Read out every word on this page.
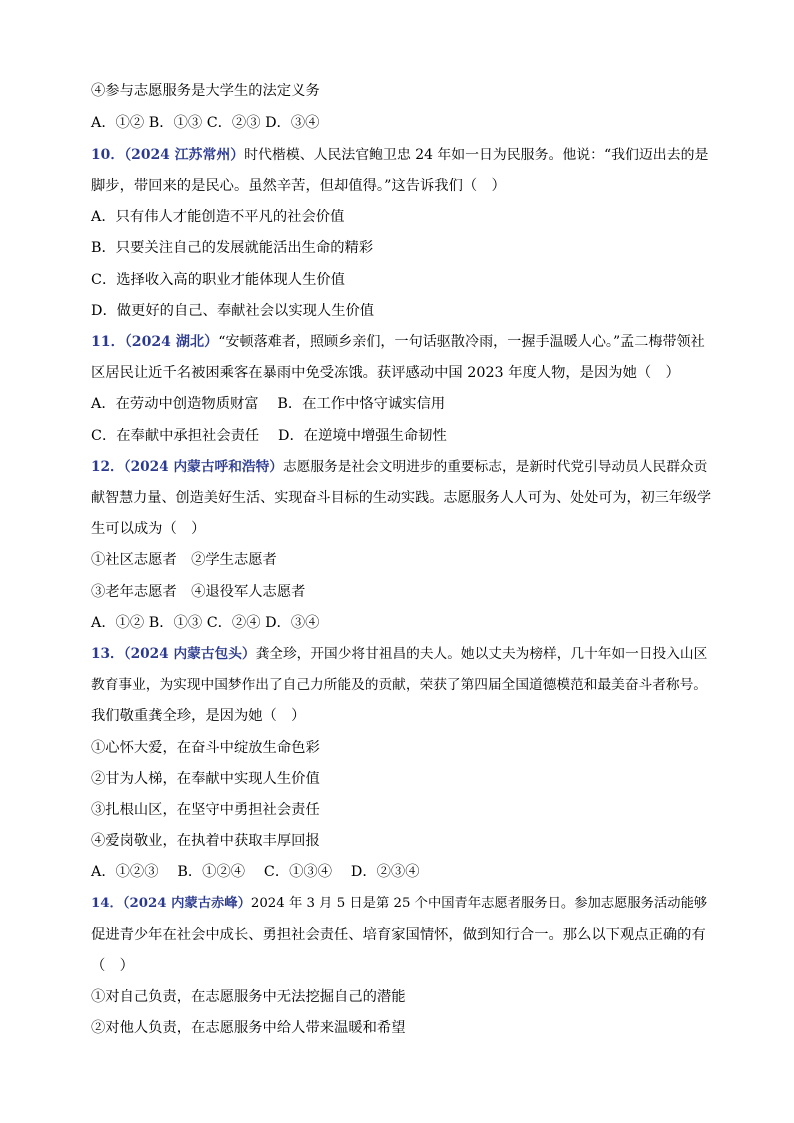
④参与志愿服务是大学生的法定义务
A．①② B．①③ C．②③ D．③④
10．（2024 江苏常州）时代楷模、人民法官鲍卫忠 24 年如一日为民服务。他说：“我们迈出去的是
脚步，带回来的是民心。虽然辛苦，但却值得。”这告诉我们（　）
A．只有伟人才能创造不平凡的社会价值
B．只要关注自己的发展就能活出生命的精彩
C．选择收入高的职业才能体现人生价值
D．做更好的自己、奉献社会以实现人生价值
11．（2024 湖北）“安顿落难者，照顾乡亲们，一句话驱散冷雨，一握手温暖人心。”孟二梅带领社
区居民让近千名被困乘客在暴雨中免受冻饿。获评感动中国 2023 年度人物，是因为她（　）
A．在劳动中创造物质财富　 B．在工作中恪守诚实信用
C．在奉献中承担社会责任　 D．在逆境中增强生命韧性
12．（2024 内蒙古呼和浩特）志愿服务是社会文明进步的重要标志，是新时代党引导动员人民群众贡
献智慧力量、创造美好生活、实现奋斗目标的生动实践。志愿服务人人可为、处处可为，初三年级学
生可以成为（　）
①社区志愿者　②学生志愿者
③老年志愿者　④退役军人志愿者
A．①② B．①③ C．②④ D．③④
13．（2024 内蒙古包头）龚全珍，开国少将甘祖昌的夫人。她以丈夫为榜样，几十年如一日投入山区
教育事业，为实现中国梦作出了自己力所能及的贡献，荣获了第四届全国道德模范和最美奋斗者称号。
我们敬重龚全珍，是因为她（　）
①心怀大爱，在奋斗中绽放生命色彩
②甘为人梯，在奉献中实现人生价值
③扎根山区，在坚守中勇担社会责任
④爱岗敬业，在执着中获取丰厚回报
A．①②③　 B．①②④　 C．①③④　 D．②③④
14．（2024 内蒙古赤峰）2024 年 3 月 5 日是第 25 个中国青年志愿者服务日。参加志愿服务活动能够
促进青少年在社会中成长、勇担社会责任、培育家国情怀，做到知行合一。那么以下观点正确的有
（　）
①对自己负责，在志愿服务中无法挖掘自己的潜能
②对他人负责，在志愿服务中给人带来温暖和希望
